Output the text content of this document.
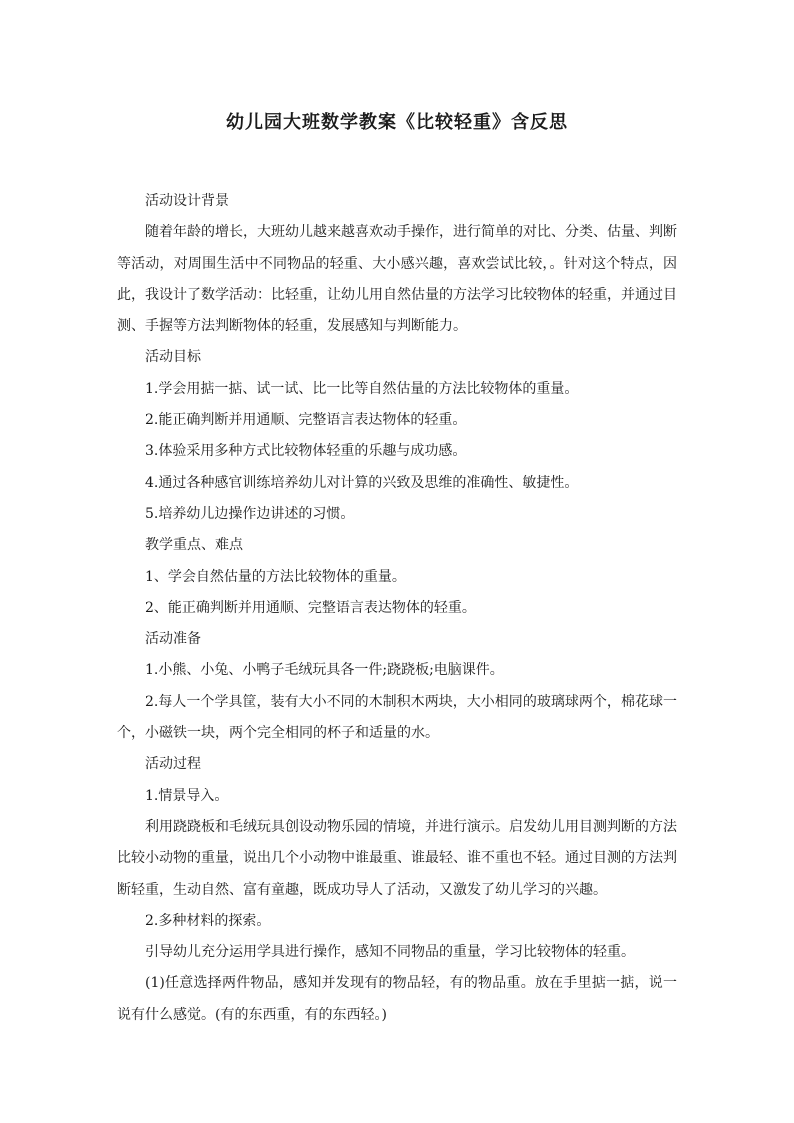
幼儿园大班数学教案《比较轻重》含反思

活动设计背景

随着年龄的增长，大班幼儿越来越喜欢动手操作，进行简单的对比、分类、估量、判断等活动，对周围生活中不同物品的轻重、大小感兴趣，喜欢尝试比较，。针对这个特点，因此，我设计了数学活动：比轻重，让幼儿用自然估量的方法学习比较物体的轻重，并通过目测、手握等方法判断物体的轻重，发展感知与判断能力。

活动目标

1.学会用掂一掂、试一试、比一比等自然估量的方法比较物体的重量。

2.能正确判断并用通顺、完整语言表达物体的轻重。

3.体验采用多种方式比较物体轻重的乐趣与成功感。

4.通过各种感官训练培养幼儿对计算的兴致及思维的准确性、敏捷性。

5.培养幼儿边操作边讲述的习惯。

教学重点、难点

1、学会自然估量的方法比较物体的重量。

2、能正确判断并用通顺、完整语言表达物体的轻重。

活动准备

1.小熊、小兔、小鸭子毛绒玩具各一件;跷跷板;电脑课件。

2.每人一个学具筐，装有大小不同的木制积木两块，大小相同的玻璃球两个，棉花球一个，小磁铁一块，两个完全相同的杯子和适量的水。

活动过程

1.情景导入。

利用跷跷板和毛绒玩具创设动物乐园的情境，并进行演示。启发幼儿用目测判断的方法比较小动物的重量，说出几个小动物中谁最重、谁最轻、谁不重也不轻。通过目测的方法判断轻重，生动自然、富有童趣，既成功导人了活动，又激发了幼儿学习的兴趣。

2.多种材料的探索。

引导幼儿充分运用学具进行操作，感知不同物品的重量，学习比较物体的轻重。

(1)任意选择两件物品，感知并发现有的物品轻，有的物品重。放在手里掂一掂，说一说有什么感觉。(有的东西重，有的东西轻。)
